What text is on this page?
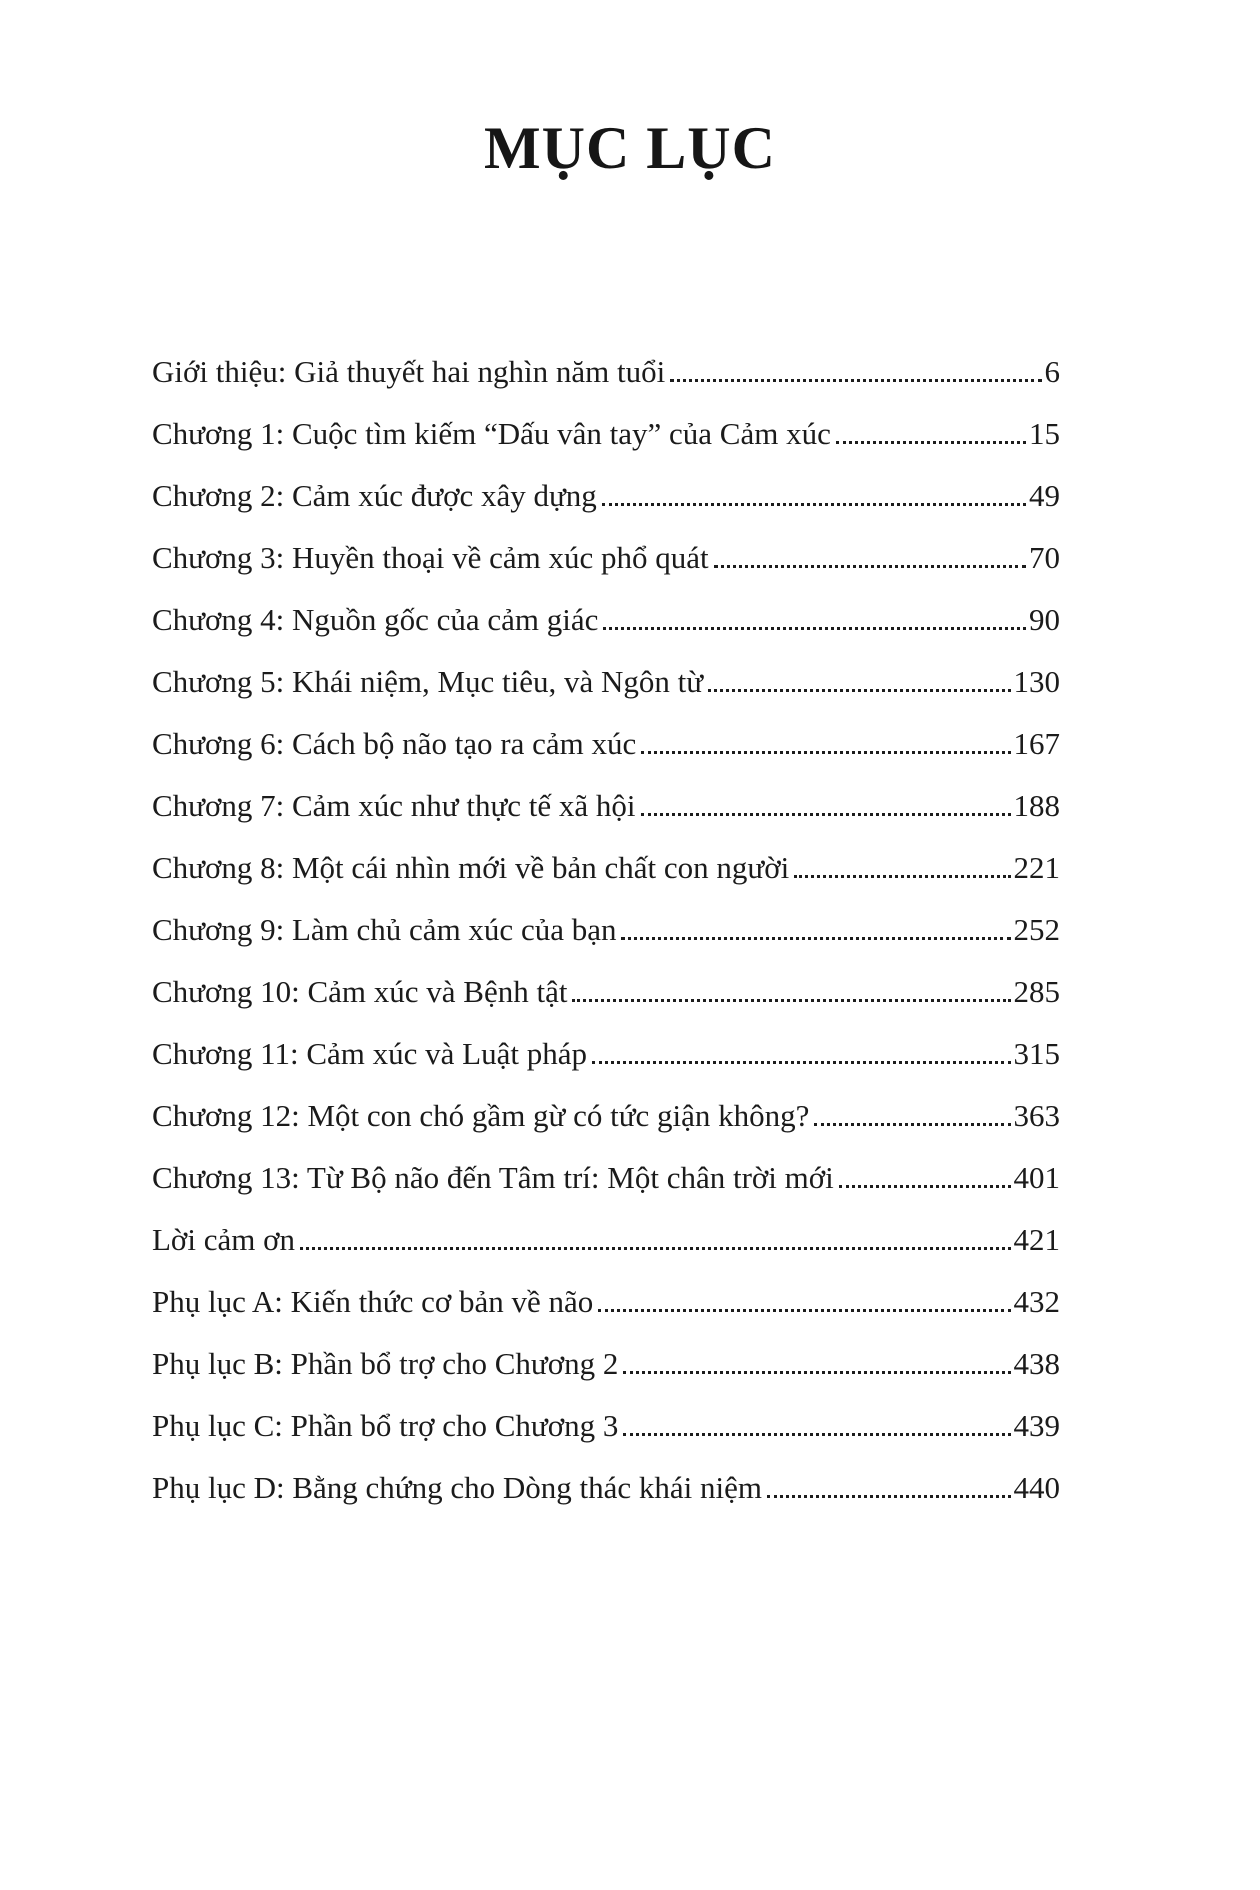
MỤC LỤC
Giới thiệu: Giả thuyết hai nghìn năm tuổi	6
Chương 1: Cuộc tìm kiếm “Dấu vân tay” của Cảm xúc	15
Chương 2: Cảm xúc được xây dựng	49
Chương 3: Huyền thoại về cảm xúc phổ quát	70
Chương 4: Nguồn gốc của cảm giác	90
Chương 5: Khái niệm, Mục tiêu, và Ngôn từ	130
Chương 6: Cách bộ não tạo ra cảm xúc	167
Chương 7: Cảm xúc như thực tế xã hội	188
Chương 8: Một cái nhìn mới về bản chất con người	221
Chương 9: Làm chủ cảm xúc của bạn	252
Chương 10: Cảm xúc và Bệnh tật	285
Chương 11: Cảm xúc và Luật pháp	315
Chương 12: Một con chó gầm gừ có tức giận không?	363
Chương 13: Từ Bộ não đến Tâm trí: Một chân trời mới	401
Lời cảm ơn	421
Phụ lục A: Kiến thức cơ bản về não	432
Phụ lục B: Phần bổ trợ cho Chương 2	438
Phụ lục C: Phần bổ trợ cho Chương 3	439
Phụ lục D: Bằng chứng cho Dòng thác khái niệm	440
